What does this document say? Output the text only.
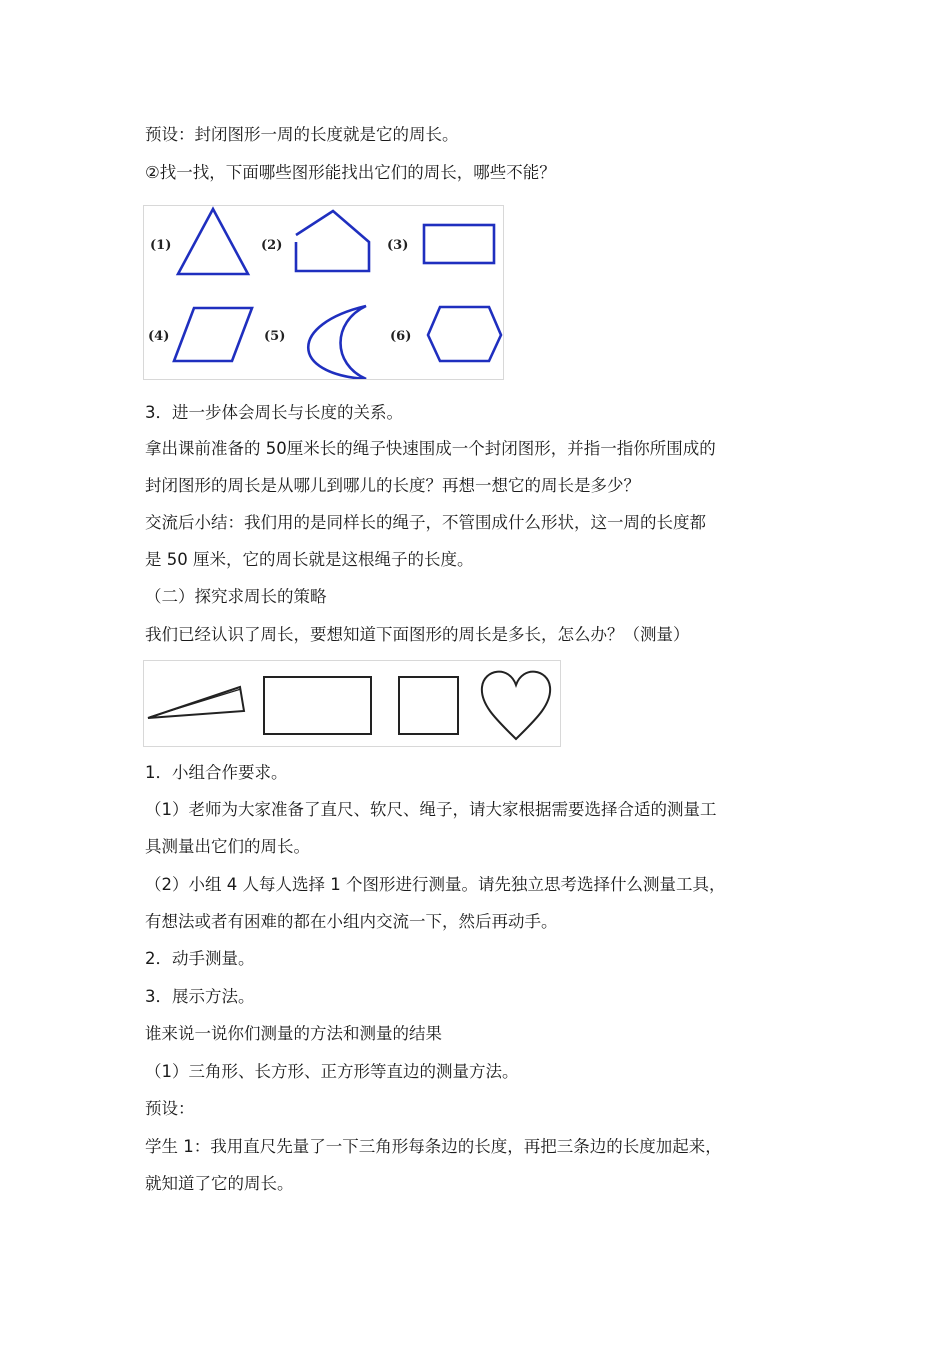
预设：封闭图形一周的长度就是它的周长。
②找一找，下面哪些图形能找出它们的周长，哪些不能？
(1)	(2)	(3)
(4)	(5)	(6)
3．进一步体会周长与长度的关系。
拿出课前准备的 50厘米长的绳子快速围成一个封闭图形，并指一指你所围成的
封闭图形的周长是从哪儿到哪儿的长度？再想一想它的周长是多少？
交流后小结：我们用的是同样长的绳子，不管围成什么形状，这一周的长度都
是 50 厘米，它的周长就是这根绳子的长度。
（二）探究求周长的策略
我们已经认识了周长，要想知道下面图形的周长是多长，怎么办？（测量）
1．小组合作要求。
（1）老师为大家准备了直尺、软尺、绳子，请大家根据需要选择合适的测量工
具测量出它们的周长。
（2）小组 4 人每人选择 1 个图形进行测量。请先独立思考选择什么测量工具，
有想法或者有困难的都在小组内交流一下，然后再动手。
2．动手测量。
3．展示方法。
谁来说一说你们测量的方法和测量的结果
（1）三角形、长方形、正方形等直边的测量方法。
预设：
学生 1：我用直尺先量了一下三角形每条边的长度，再把三条边的长度加起来，
就知道了它的周长。
